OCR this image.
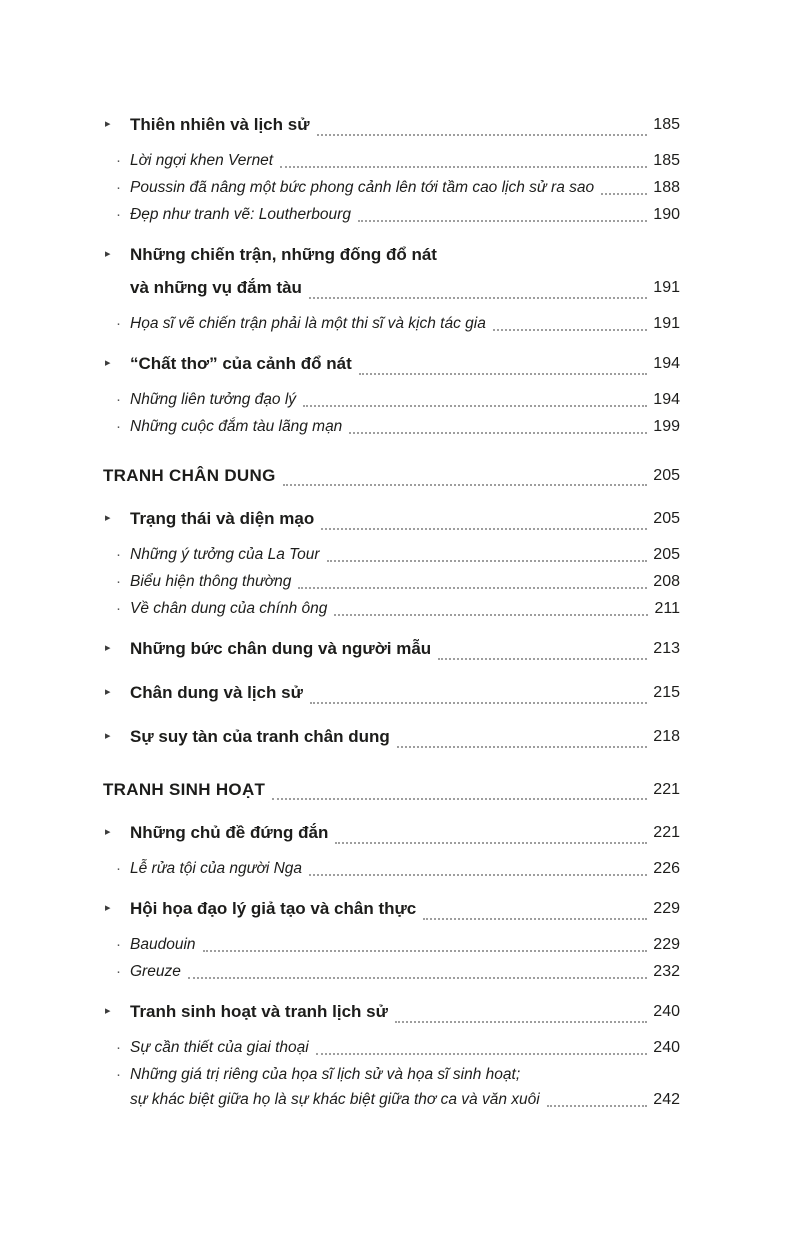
▸	Thiên nhiên và lịch sử	185
· Lời ngợi khen Vernet	185
· Poussin đã nâng một bức phong cảnh lên tới tầm cao lịch sử ra sao	188
· Đẹp như tranh vẽ: Loutherbourg	190
▸	Những chiến trận, những đống đổ nát
và những vụ đắm tàu	191
· Họa sĩ vẽ chiến trận phải là một thi sĩ và kịch tác gia	191
▸	“Chất thơ” của cảnh đổ nát	194
· Những liên tưởng đạo lý	194
· Những cuộc đắm tàu lãng mạn	199
TRANH CHÂN DUNG	205
▸	Trạng thái và diện mạo	205
· Những ý tưởng của La Tour	205
· Biểu hiện thông thường	208
· Về chân dung của chính ông	211
▸	Những bức chân dung và người mẫu	213
▸	Chân dung và lịch sử	215
▸	Sự suy tàn của tranh chân dung	218
TRANH SINH HOẠT	221
▸	Những chủ đề đứng đắn	221
· Lễ rửa tội của người Nga	226
▸	Hội họa đạo lý giả tạo và chân thực	229
· Baudouin	229
· Greuze	232
▸	Tranh sinh hoạt và tranh lịch sử	240
· Sự cần thiết của giai thoại	240
· Những giá trị riêng của họa sĩ lịch sử và họa sĩ sinh hoạt;
sự khác biệt giữa họ là sự khác biệt giữa thơ ca và văn xuôi	242
